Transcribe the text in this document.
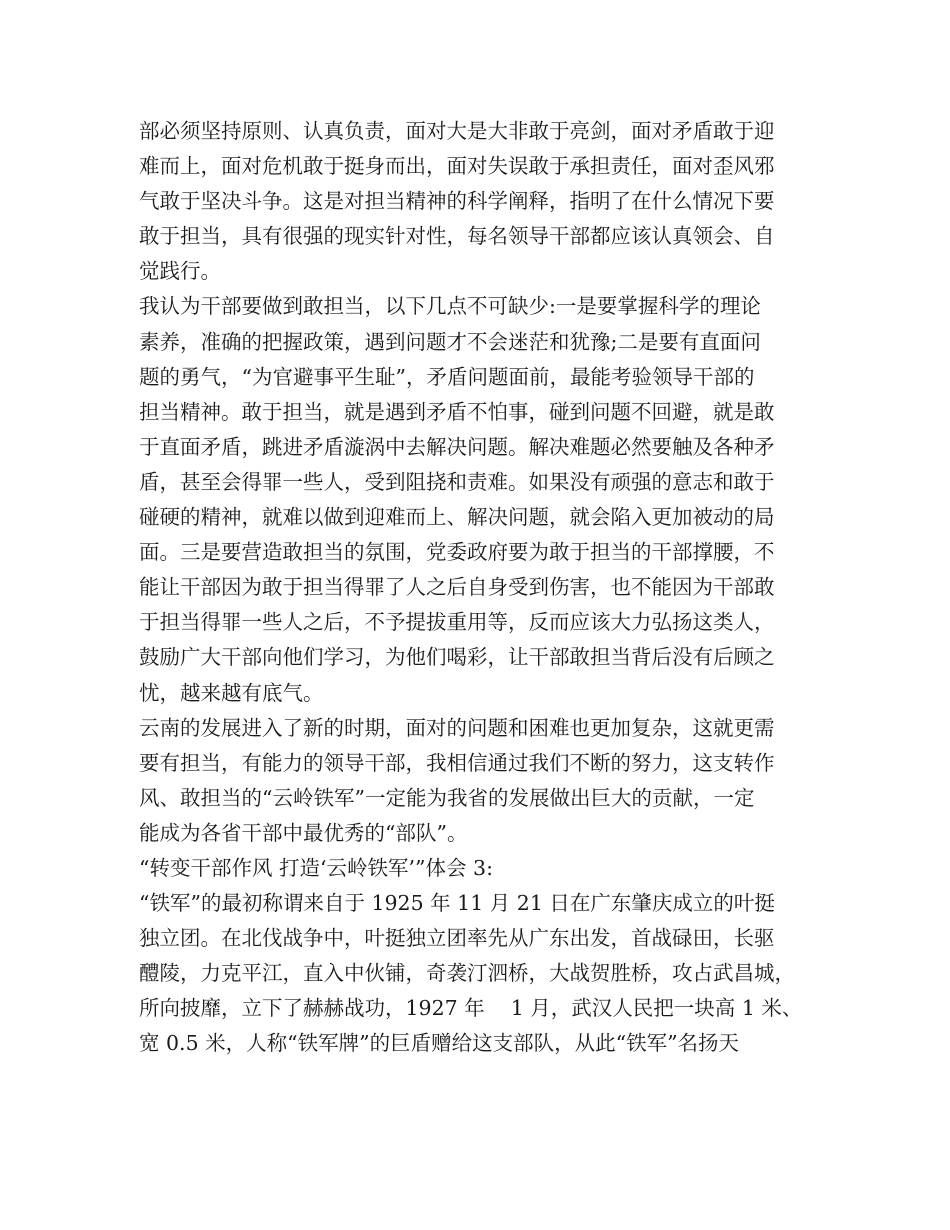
部必须坚持原则、认真负责，面对大是大非敢于亮剑，面对矛盾敢于迎
难而上，面对危机敢于挺身而出，面对失误敢于承担责任，面对歪风邪
气敢于坚决斗争。这是对担当精神的科学阐释，指明了在什么情况下要
敢于担当，具有很强的现实针对性，每名领导干部都应该认真领会、自
觉践行。
我认为干部要做到敢担当，以下几点不可缺少:一是要掌握科学的理论
素养，准确的把握政策，遇到问题才不会迷茫和犹豫;二是要有直面问
题的勇气，“为官避事平生耻”，矛盾问题面前，最能考验领导干部的
担当精神。敢于担当，就是遇到矛盾不怕事，碰到问题不回避，就是敢
于直面矛盾，跳进矛盾漩涡中去解决问题。解决难题必然要触及各种矛
盾，甚至会得罪一些人，受到阻挠和责难。如果没有顽强的意志和敢于
碰硬的精神，就难以做到迎难而上、解决问题，就会陷入更加被动的局
面。三是要营造敢担当的氛围，党委政府要为敢于担当的干部撑腰，不
能让干部因为敢于担当得罪了人之后自身受到伤害，也不能因为干部敢
于担当得罪一些人之后，不予提拔重用等，反而应该大力弘扬这类人，
鼓励广大干部向他们学习，为他们喝彩，让干部敢担当背后没有后顾之
忧，越来越有底气。
云南的发展进入了新的时期，面对的问题和困难也更加复杂，这就更需
要有担当，有能力的领导干部，我相信通过我们不断的努力，这支转作
风、敢担当的“云岭铁军”一定能为我省的发展做出巨大的贡献，一定
能成为各省干部中最优秀的“部队”。
“转变干部作风 打造‘云岭铁军’”体会 3:
“铁军”的最初称谓来自于 1925 年 11 月 21 日在广东肇庆成立的叶挺
独立团。在北伐战争中，叶挺独立团率先从广东出发，首战碌田，长驱
醴陵，力克平江，直入中伙铺，奇袭汀泗桥，大战贺胜桥，攻占武昌城，
所向披靡，立下了赫赫战功，1927 年    1 月，武汉人民把一块高 1 米、
宽 0.5 米，人称“铁军牌”的巨盾赠给这支部队，从此“铁军”名扬天
